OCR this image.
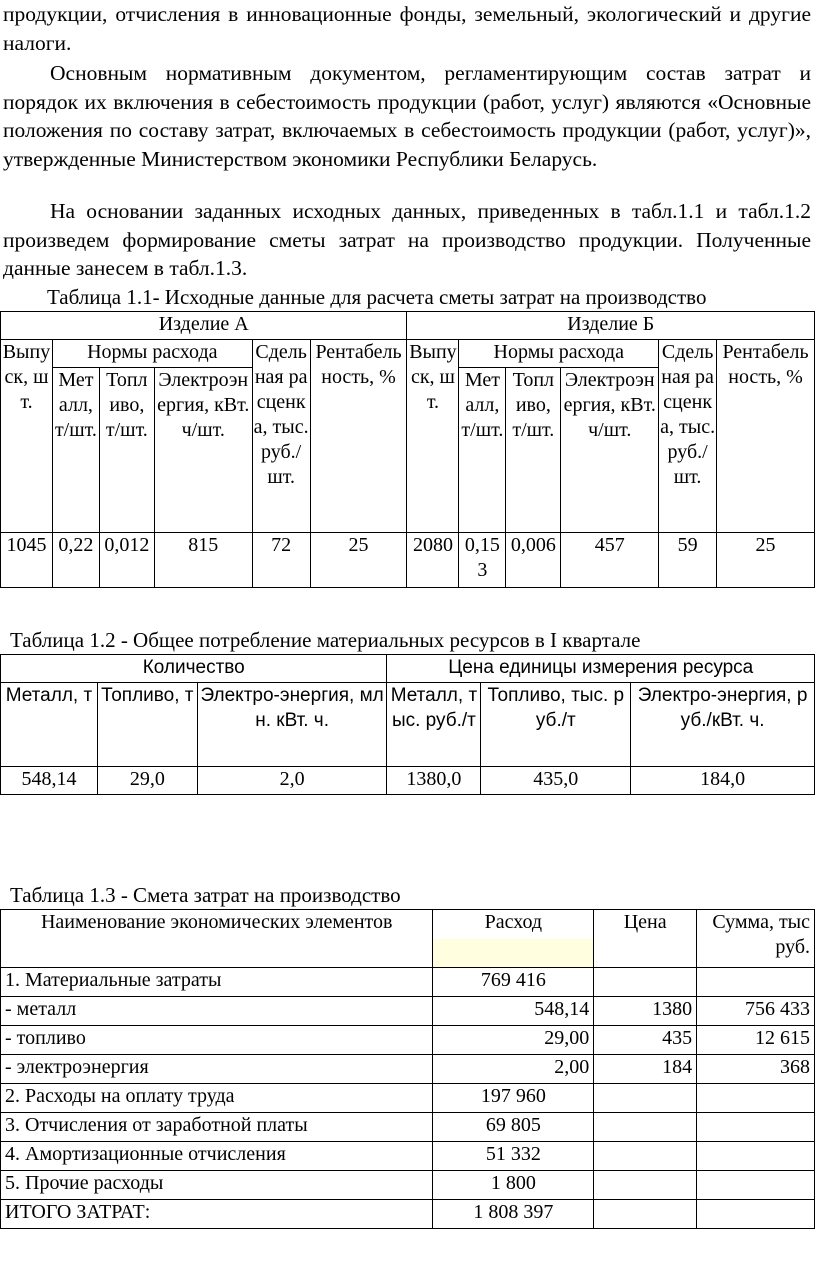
продукции, отчисления в инновационные фонды, земельный, экологический и другие налоги.

Основным нормативным документом, регламентирующим состав затрат и порядок их включения в себестоимость продукции (работ, услуг) являются «Основные положения по составу затрат, включаемых в себестоимость продукции (работ, услуг)», утвержденные Министерством экономики Республики Беларусь.

На основании заданных исходных данных, приведенных в табл.1.1 и табл.1.2 произведем формирование сметы затрат на производство продукции. Полученные данные занесем в табл.1.3.

Таблица 1.1- Исходные данные для расчета сметы затрат на производство
Изделие А						Изделие Б					
Выпуск, шт.	Нормы расхода			Сдельная расценка, тыс. руб./шт.	Рентабельность, %	Выпуск, шт.	Нормы расхода			Сдельная расценка, тыс. руб./шт.	Рентабельность, %
	Металл, т/шт.	Топливо, т/шт.	Электроэнергия, кВт. ч/шт.				Металл, т/шт.	Топливо, т/шт.	Электроэнергия, кВт. ч/шт.		
1045	0,22	0,012	815	72	25	2080	0,153	0,006	457	59	25
Таблица 1.2 - Общее потребление материальных ресурсов в I квартале
Количество			Цена единицы измерения ресурса		
Металл, т	Топливо, т	Электро-энергия, млн. кВт. ч.	Металл, тыс. руб./т	Топливо, тыс. руб./т	Электро-энергия, руб./кВт. ч.
548,14	29,0	2,0	1380,0	435,0	184,0
Таблица 1.3 - Смета затрат на производство
Наименование экономических элементов	Расход	Цена	Сумма, тыс руб.
1. Материальные затраты	769 416		
- металл	548,14	1380	756 433
- топливо	29,00	435	12 615
- электроэнергия	2,00	184	368
2. Расходы на оплату труда	197 960		
3. Отчисления от заработной платы	69 805		
4. Амортизационные отчисления	51 332		
5. Прочие расходы	1 800		
ИТОГО ЗАТРАТ:	1 808 397		
